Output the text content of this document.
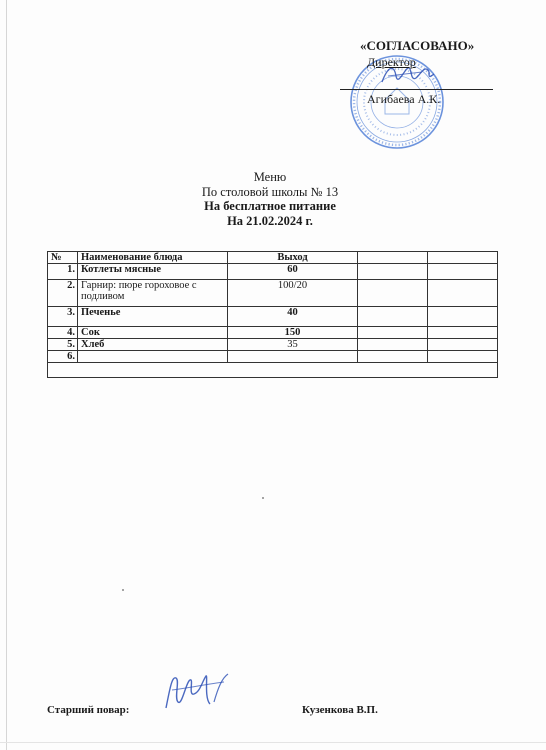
«СОГЛАСОВАНО»
Директор
Агибаева А.К.
Меню
По столовой школы № 13
На бесплатное питание
На 21.02.2024 г.
№	Наименование блюда	Выход		
1.	Котлеты мясные	60		
2.	Гарнир: пюре гороховое с подливом	100/20		
3.	Печенье	40		
4.	Сок	150		
5.	Хлеб	35		
6.				

Старший повар:	Кузенкова В.П.
